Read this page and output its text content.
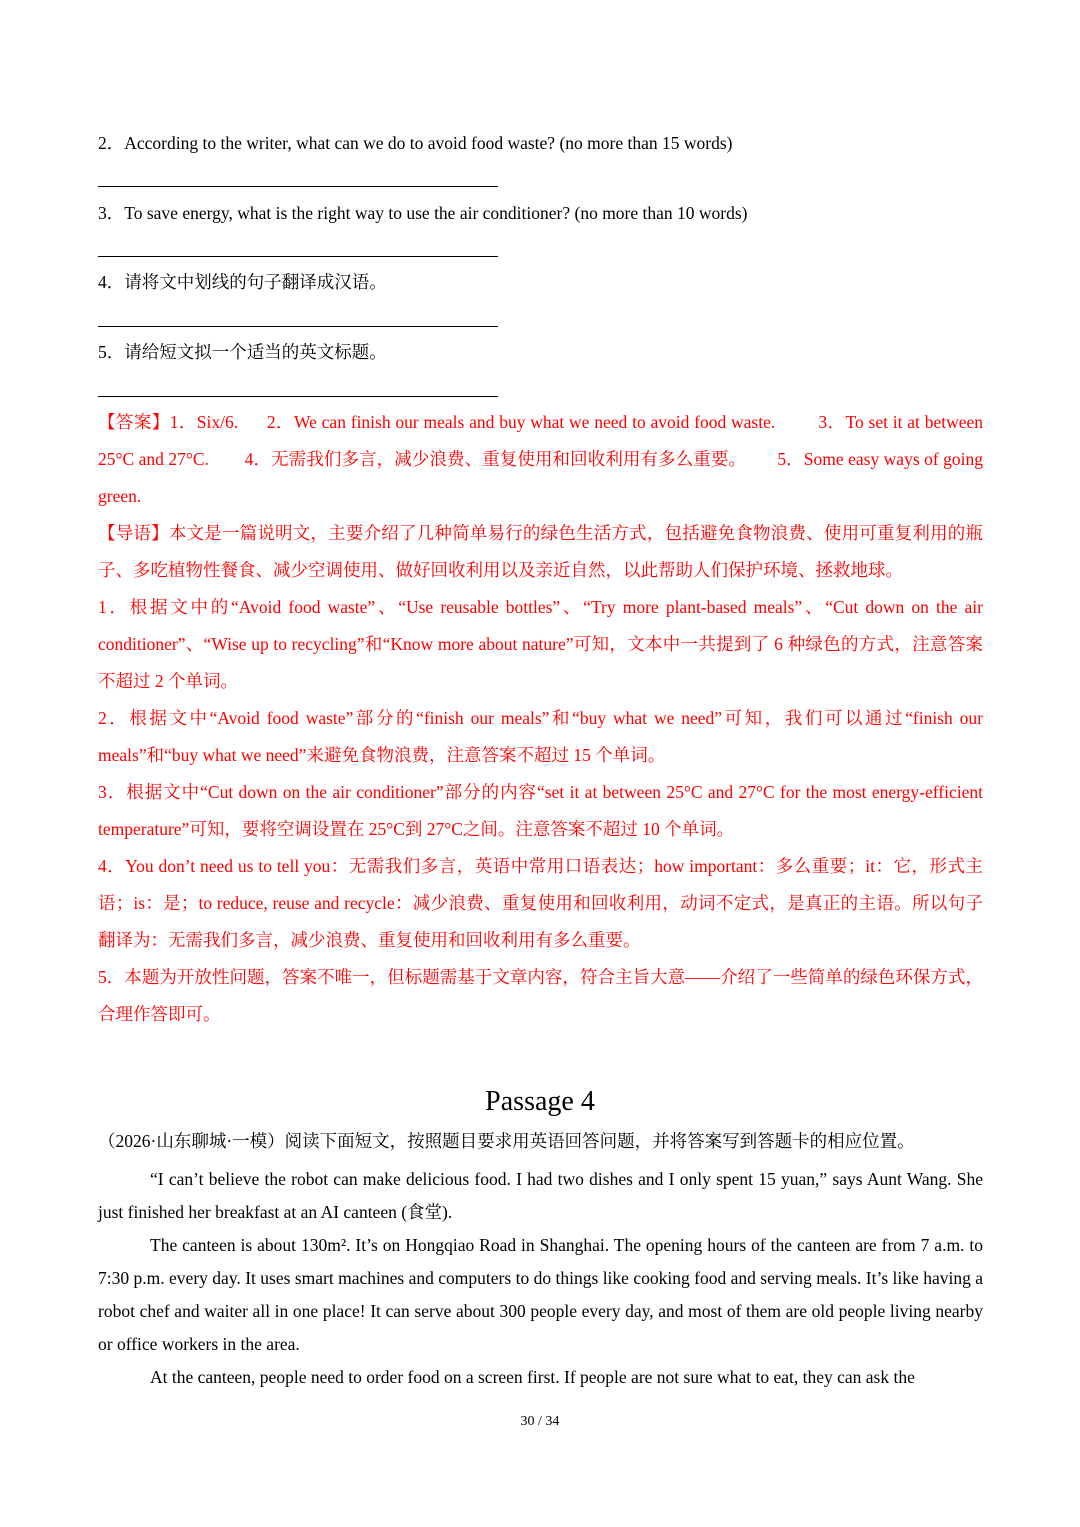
2．According to the writer, what can we do to avoid food waste? (no more than 15 words)
3．To save energy, what is the right way to use the air conditioner? (no more than 10 words)
4．请将文中划线的句子翻译成汉语。
5．请给短文拟一个适当的英文标题。

【答案】1．Six/6. 2．We can finish our meals and buy what we need to avoid food waste. 3．To set it at between 25°C and 27°C. 4．无需我们多言，减少浪费、重复使用和回收利用有多么重要。 5．Some easy ways of going green.

【导语】本文是一篇说明文，主要介绍了几种简单易行的绿色生活方式，包括避免食物浪费、使用可重复利用的瓶子、多吃植物性餐食、减少空调使用、做好回收利用以及亲近自然，以此帮助人们保护环境、拯救地球。

1．根据文中的“Avoid food waste”、“Use reusable bottles”、“Try more plant-based meals”、“Cut down on the air conditioner”、“Wise up to recycling”和“Know more about nature”可知，文本中一共提到了 6 种绿色的方式，注意答案不超过 2 个单词。

2．根据文中“Avoid food waste”部分的“finish our meals”和“buy what we need”可知，我们可以通过“finish our meals”和“buy what we need”来避免食物浪费，注意答案不超过 15 个单词。

3．根据文中“Cut down on the air conditioner”部分的内容“set it at between 25°C and 27°C for the most energy-efficient temperature”可知，要将空调设置在 25°C到 27°C之间。注意答案不超过 10 个单词。

4．You don’t need us to tell you：无需我们多言，英语中常用口语表达；how important：多么重要；it：它，形式主语；is：是；to reduce, reuse and recycle：减少浪费、重复使用和回收利用，动词不定式，是真正的主语。所以句子翻译为：无需我们多言，减少浪费、重复使用和回收利用有多么重要。

5．本题为开放性问题，答案不唯一，但标题需基于文章内容，符合主旨大意——介绍了一些简单的绿色环保方式，合理作答即可。

Passage 4
（2026·山东聊城·一模）阅读下面短文，按照题目要求用英语回答问题，并将答案写到答题卡的相应位置。

“I can’t believe the robot can make delicious food. I had two dishes and I only spent 15 yuan,” says Aunt Wang. She just finished her breakfast at an AI canteen (食堂).

The canteen is about 130m². It’s on Hongqiao Road in Shanghai. The opening hours of the canteen are from 7 a.m. to 7:30 p.m. every day. It uses smart machines and computers to do things like cooking food and serving meals. It’s like having a robot chef and waiter all in one place! It can serve about 300 people every day, and most of them are old people living nearby or office workers in the area.

At the canteen, people need to order food on a screen first. If people are not sure what to eat, they can ask the

30 / 34
